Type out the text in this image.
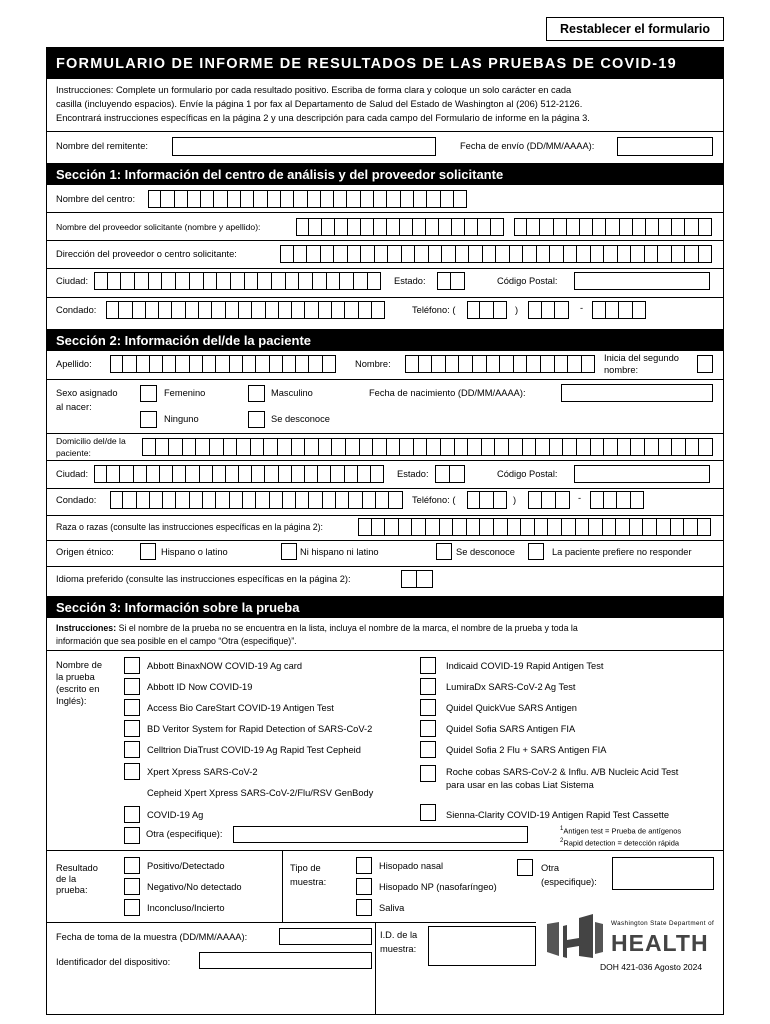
Restablecer el formulario
FORMULARIO DE INFORME DE RESULTADOS DE LAS PRUEBAS DE COVID-19
Instrucciones: Complete un formulario por cada resultado positivo. Escriba de forma clara y coloque un solo carácter en cada
casilla (incluyendo espacios). Envíe la página 1 por fax al Departamento de Salud del Estado de Washington al (206) 512-2126.
Encontrará instrucciones específicas en la página 2 y una descripción para cada campo del Formulario de informe en la página 3.
Nombre del remitente:	Fecha de envío (DD/MM/AAAA):
Sección 1: Información del centro de análisis y del proveedor solicitante
Nombre del centro:
Nombre del proveedor solicitante (nombre y apellido):
Dirección del proveedor o centro solicitante:
Ciudad:	Estado:	Código Postal:
Condado:	Teléfono: (	)	-
Sección 2: Información del/de la paciente
Apellido:	Nombre:
Inicia del segundo
nombre:
Sexo asignado
al nacer:
Femenino	Masculino
Ninguno	Se desconoce
Fecha de nacimiento (DD/MM/AAAA):
Domicilio del/de la
paciente:
Ciudad:	Estado:	Código Postal:
Condado:	Teléfono: (	)	-
Raza o razas (consulte las instrucciones específicas en la página 2):
Origen étnico:	Hispano o latino	Ni hispano ni latino	Se desconoce	La paciente prefiere no responder
Idioma preferido (consulte las instrucciones específicas en la página 2):
Sección 3: Información sobre la prueba
Instrucciones: Si el nombre de la prueba no se encuentra en la lista, incluya el nombre de la marca, el nombre de la prueba y toda la
información que sea posible en el campo “Otra (especifique)”.
Nombre de
la prueba
(escrito en
Inglés):
Abbott BinaxNOW COVID-19 Ag card
Abbott ID Now COVID-19
Access Bio CareStart COVID-19 Antigen Test
BD Veritor System for Rapid Detection of SARS-CoV-2
Celltrion DiaTrust COVID-19 Ag Rapid Test Cepheid
Xpert Xpress SARS-CoV-2
Cepheid Xpert Xpress SARS-CoV-2/Flu/RSV GenBody
COVID-19 Ag
Otra (especifique):
Indicaid COVID-19 Rapid Antigen Test
LumiraDx SARS-CoV-2 Ag Test
Quidel QuickVue SARS Antigen
Quidel Sofia SARS Antigen FIA
Quidel Sofia 2 Flu + SARS Antigen FIA
Roche cobas SARS-CoV-2 & Influ. A/B Nucleic Acid Test
para usar en las cobas Liat Sistema
Sienna-Clarity COVID-19 Antigen Rapid Test Cassette
$^1$Antigen test = Prueba de antígenos
$^2$Rapid detection = detección rápida
Resultado
de la
prueba:
Positivo/Detectado
Negativo/No detectado
Inconcluso/Incierto
Tipo de
muestra:
Hisopado nasal
Hisopado NP (nasofaríngeo)
Saliva
Otra
(especifique):
Fecha de toma de la muestra (DD/MM/AAAA):	I.D. de la
muestra:
Identificador del dispositivo:
Washington State Department of
HEALTH
DOH 421-036 Agosto 2024
